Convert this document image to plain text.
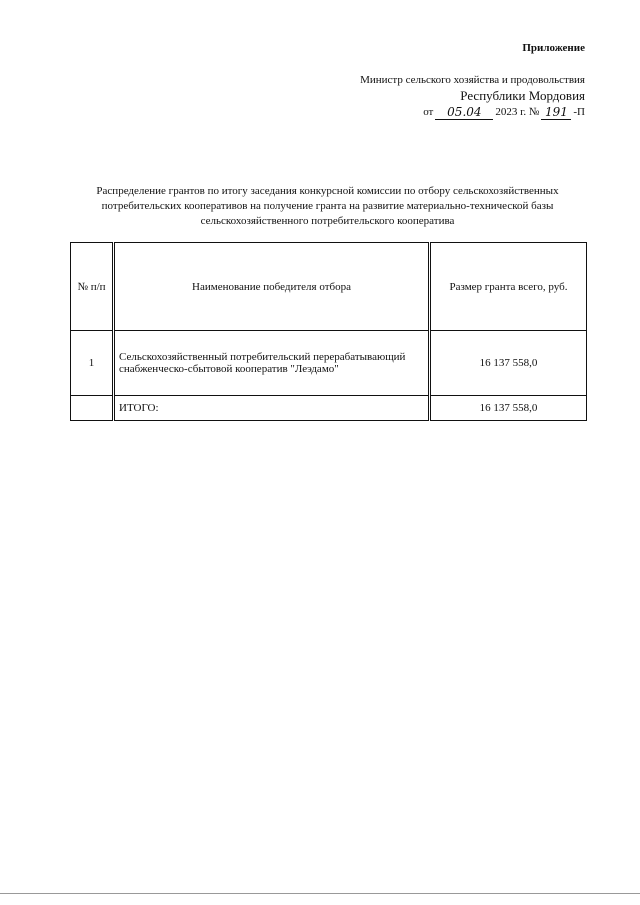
Приложение
Министр сельского хозяйства и продовольствия
Республики Мордовия
от	05.04	2023 г. № 191 -П
Распределение грантов по итогу заседания конкурсной комиссии по отбору сельскохозяйственных
потребительских кооперативов на получение гранта на развитие материально-технической базы
сельскохозяйственного потребительского кооператива
№ п/п	Наименование победителя отбора	Размер гранта всего, руб.
1	Сельскохозяйственный потребительский перерабатывающий
снабженческо-сбытовой кооператив "Леэдамо"	16 137 558,0
	ИТОГО:	16 137 558,0
